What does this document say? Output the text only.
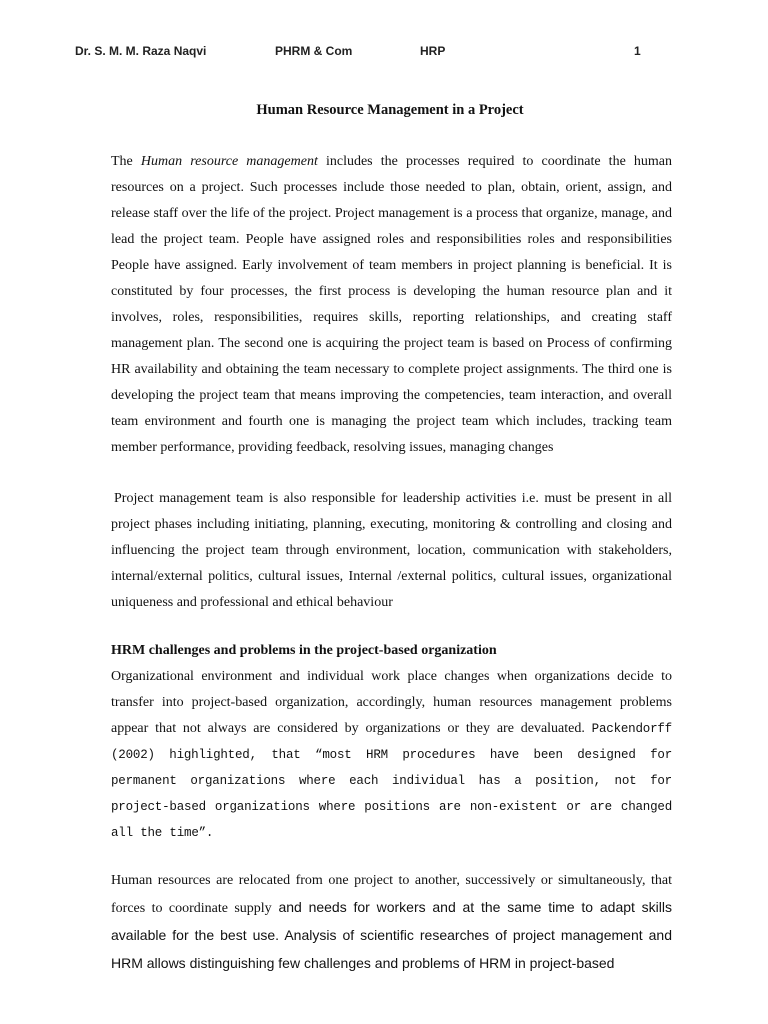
Dr. S. M. M. Raza Naqvi	PHRM & Com	HRP	1
Human Resource Management in a Project

The Human resource management includes the processes required to coordinate the human resources on a project. Such processes include those needed to plan, obtain, orient, assign, and release staff over the life of the project. Project management is a process that organize, manage, and lead the project team. People have assigned roles and responsibilities roles and responsibilities People have assigned. Early involvement of team members in project planning is beneficial. It is constituted by four processes, the first process is developing the human resource plan and it involves, roles, responsibilities, requires skills, reporting relationships, and creating staff management plan. The second one is acquiring the project team is based on Process of confirming HR availability and obtaining the team necessary to complete project assignments. The third one is developing the project team that means improving the competencies, team interaction, and overall team environment and fourth one is managing the project team which includes, tracking team member performance, providing feedback, resolving issues, managing changes

Project management team is also responsible for leadership activities i.e. must be present in all project phases including initiating, planning, executing, monitoring & controlling and closing and influencing the project team through environment, location, communication with stakeholders, internal/external politics, cultural issues, Internal /external politics, cultural issues, organizational uniqueness and professional and ethical behaviour

HRM challenges and problems in the project-based organization

Organizational environment and individual work place changes when organizations decide to transfer into project-based organization, accordingly, human resources management problems appear that not always are considered by organizations or they are devaluated. Packendorff (2002) highlighted, that “most HRM procedures have been designed for permanent organizations where each individual has a position, not for project-based organizations where positions are non-existent or are changed all the time”.

Human resources are relocated from one project to another, successively or simultaneously, that forces to coordinate supply and needs for workers and at the same time to adapt skills available for the best use. Analysis of scientific researches of project management and HRM allows distinguishing few challenges and problems of HRM in project-based
